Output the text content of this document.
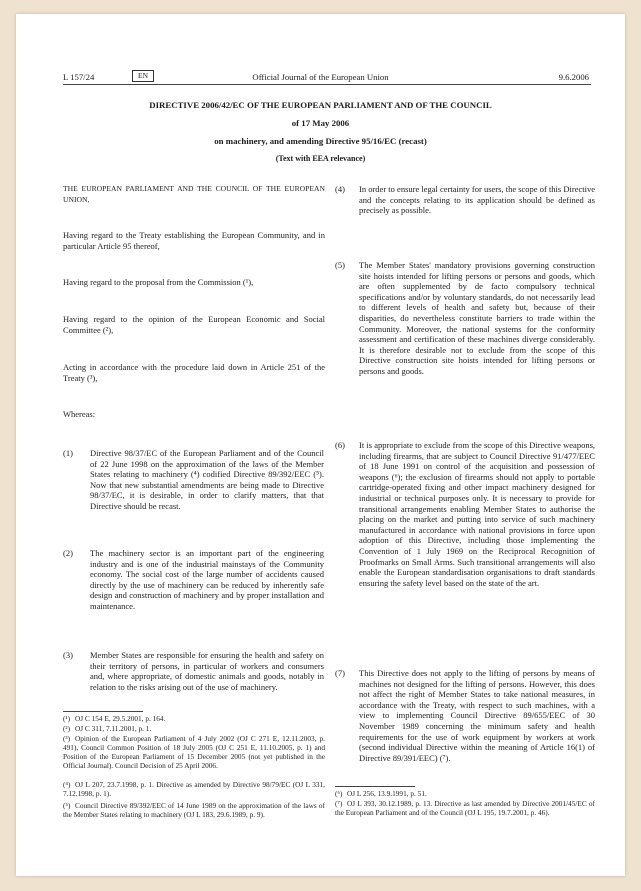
L 157/24	EN	Official Journal of the European Union	9.6.2006
DIRECTIVE 2006/42/EC OF THE EUROPEAN PARLIAMENT AND OF THE COUNCIL
of 17 May 2006
on machinery, and amending Directive 95/16/EC (recast)
(Text with EEA relevance)

THE EUROPEAN PARLIAMENT AND THE COUNCIL OF THE EUROPEAN UNION,

Having regard to the Treaty establishing the European Community, and in particular Article 95 thereof,

Having regard to the proposal from the Commission (¹),

Having regard to the opinion of the European Economic and Social Committee (²),

Acting in accordance with the procedure laid down in Article 251 of the Treaty (³),

Whereas:

(1) Directive 98/37/EC of the European Parliament and of the Council of 22 June 1998 on the approximation of the laws of the Member States relating to machinery (⁴) codified Directive 89/392/EEC (⁵). Now that new substantial amendments are being made to Directive 98/37/EC, it is desirable, in order to clarify matters, that that Directive should be recast.

(2) The machinery sector is an important part of the engineering industry and is one of the industrial mainstays of the Community economy. The social cost of the large number of accidents caused directly by the use of machinery can be reduced by inherently safe design and construction of machinery and by proper installation and maintenance.

(3) Member States are responsible for ensuring the health and safety on their territory of persons, in particular of workers and consumers and, where appropriate, of domestic animals and goods, notably in relation to the risks arising out of the use of machinery.

(¹) OJ C 154 E, 29.5.2001, p. 164.

(²) OJ C 311, 7.11.2001, p. 1.

(³) Opinion of the European Parliament of 4 July 2002 (OJ C 271 E, 12.11.2003, p. 491), Council Common Position of 18 July 2005 (OJ C 251 E, 11.10.2005, p. 1) and Position of the European Parliament of 15 December 2005 (not yet published in the Official Journal). Council Decision of 25 April 2006.

(⁴) OJ L 207, 23.7.1998, p. 1. Directive as amended by Directive 98/79/EC (OJ L 331, 7.12.1998, p. 1).

(⁵) Council Directive 89/392/EEC of 14 June 1989 on the approximation of the laws of the Member States relating to machinery (OJ L 183, 29.6.1989, p. 9).

(4) In order to ensure legal certainty for users, the scope of this Directive and the concepts relating to its application should be defined as precisely as possible.

(5) The Member States' mandatory provisions governing construction site hoists intended for lifting persons or persons and goods, which are often supplemented by de facto compulsory technical specifications and/or by voluntary standards, do not necessarily lead to different levels of health and safety but, because of their disparities, do nevertheless constitute barriers to trade within the Community. Moreover, the national systems for the conformity assessment and certification of these machines diverge considerably. It is therefore desirable not to exclude from the scope of this Directive construction site hoists intended for lifting persons or persons and goods.

(6) It is appropriate to exclude from the scope of this Directive weapons, including firearms, that are subject to Council Directive 91/477/EEC of 18 June 1991 on control of the acquisition and possession of weapons (⁶); the exclusion of firearms should not apply to portable cartridge-operated fixing and other impact machinery designed for industrial or technical purposes only. It is necessary to provide for transitional arrangements enabling Member States to authorise the placing on the market and putting into service of such machinery manufactured in accordance with national provisions in force upon adoption of this Directive, including those implementing the Convention of 1 July 1969 on the Reciprocal Recognition of Proofmarks on Small Arms. Such transitional arrangements will also enable the European standardisation organisations to draft standards ensuring the safety level based on the state of the art.

(7) This Directive does not apply to the lifting of persons by means of machines not designed for the lifting of persons. However, this does not affect the right of Member States to take national measures, in accordance with the Treaty, with respect to such machines, with a view to implementing Council Directive 89/655/EEC of 30 November 1989 concerning the minimum safety and health requirements for the use of work equipment by workers at work (second individual Directive within the meaning of Article 16(1) of Directive 89/391/EEC) (⁷).

(⁶) OJ L 256, 13.9.1991, p. 51.

(⁷) OJ L 393, 30.12.1989, p. 13. Directive as last amended by Directive 2001/45/EC of the European Parliament and of the Council (OJ L 195, 19.7.2001, p. 46).
